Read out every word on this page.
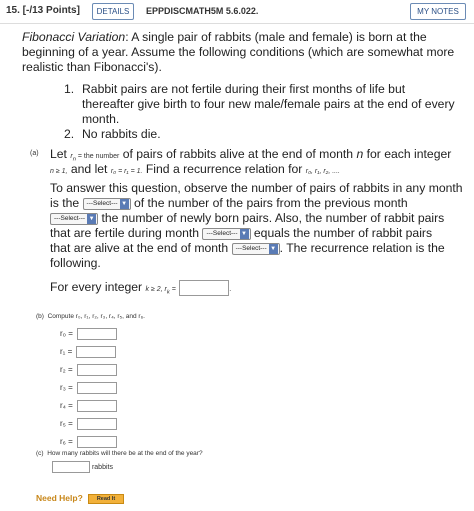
15. [-/13 Points]	DETAILS	EPPDISCMATH5M 5.6.022.	MY NOTES
Fibonacci Variation: A single pair of rabbits (male and female) is born at the
beginning of a year. Assume the following conditions (which are somewhat more
realistic than Fibonacci's).
1. Rabbit pairs are not fertile during their first months of life but
thereafter give birth to four new male/female pairs at the end of every
month.
2. No rabbits die.
(a) Let $r_n$ = the number of pairs of rabbits alive at the end of month n for each integer
n ≥ 1, and let r₀ = r₁ = 1. Find a recurrence relation for r₀, r₁, r₂, ....
To answer this question, observe the number of pairs of rabbits in any month
is the ---Select--- ▼ of the number of the pairs from the previous month
---Select--- ▼ the number of newly born pairs. Also, the number of rabbit pairs
that are fertile during month ---Select--- ▼ equals the number of rabbit pairs
that are alive at the end of month ---Select--- ▼ . The recurrence relation is the
following.
For every integer k ≥ 2, $r_k$ =	.
(b) Compute r₀, r₁, r₂, r₃, r₄, r₅, and r₆.
r₀ =
r₁ =
r₂ =
r₃ =
r₄ =
r₅ =
r₆ =
(c) How many rabbits will there be at the end of the year?
rabbits
Need Help?	Read It
